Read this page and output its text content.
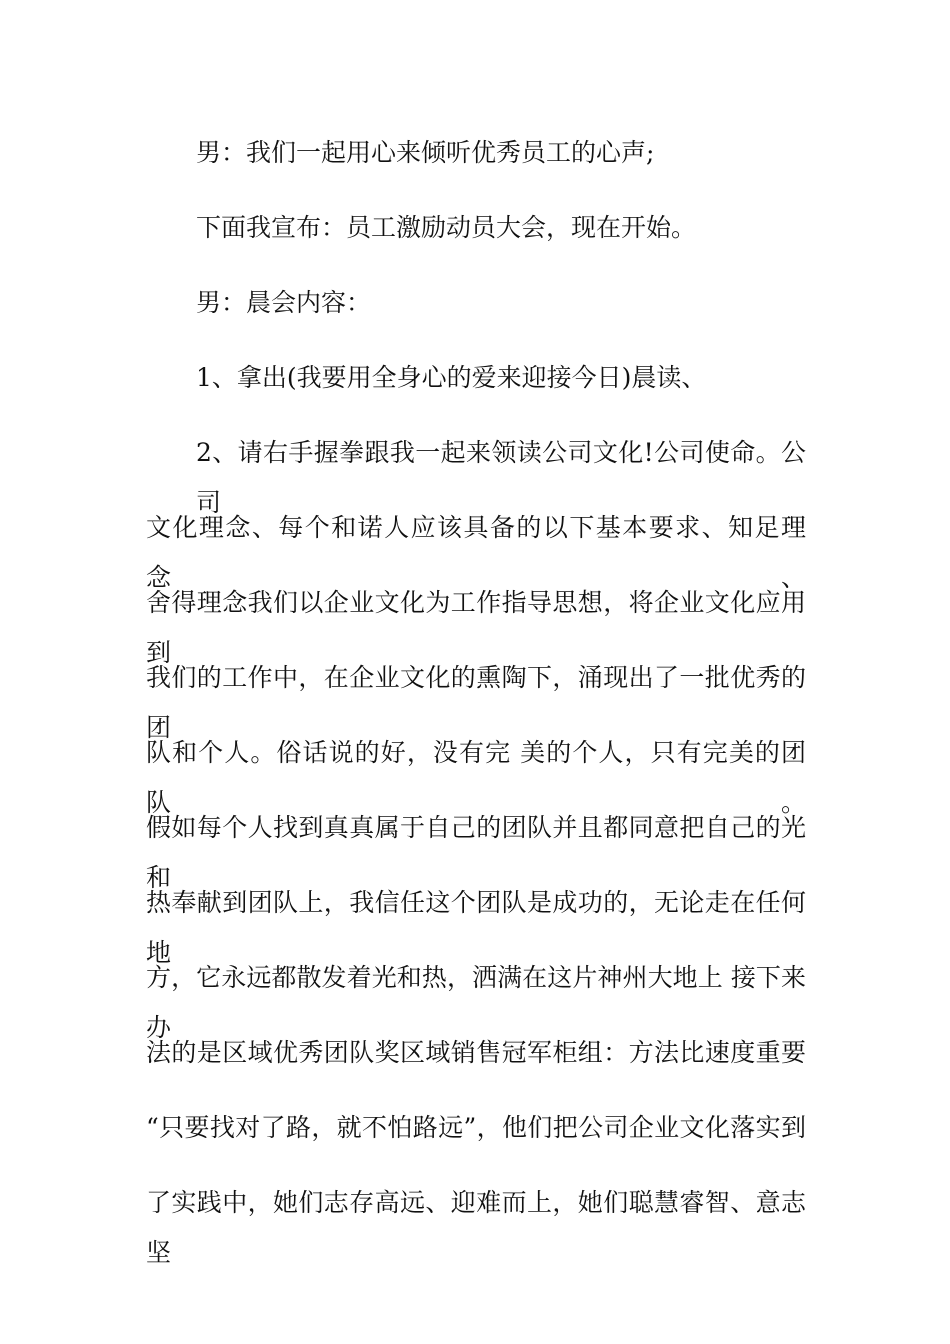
男：我们一起用心来倾听优秀员工的心声;
下面我宣布：员工激励动员大会，现在开始。
男：晨会内容：
1、拿出(我要用全身心的爱来迎接今日)晨读、
2、请右手握拳跟我一起来领读公司文化!公司使命。公司
文化理念、每个和诺人应该具备的以下基本要求、知足理念、
舍得理念我们以企业文化为工作指导思想，将企业文化应用到
我们的工作中，在企业文化的熏陶下，涌现出了一批优秀的团
队和个人。俗话说的好，没有完 美的个人，只有完美的团队。
假如每个人找到真真属于自己的团队并且都同意把自己的光和
热奉献到团队上，我信任这个团队是成功的，无论走在任何地
方，它永远都散发着光和热，洒满在这片神州大地上 接下来办
法的是区域优秀团队奖区域销售冠军柜组：方法比速度重要
“只要找对了路，就不怕路远”，他们把公司企业文化落实到
了实践中，她们志存高远、迎难而上，她们聪慧睿智、意志坚
